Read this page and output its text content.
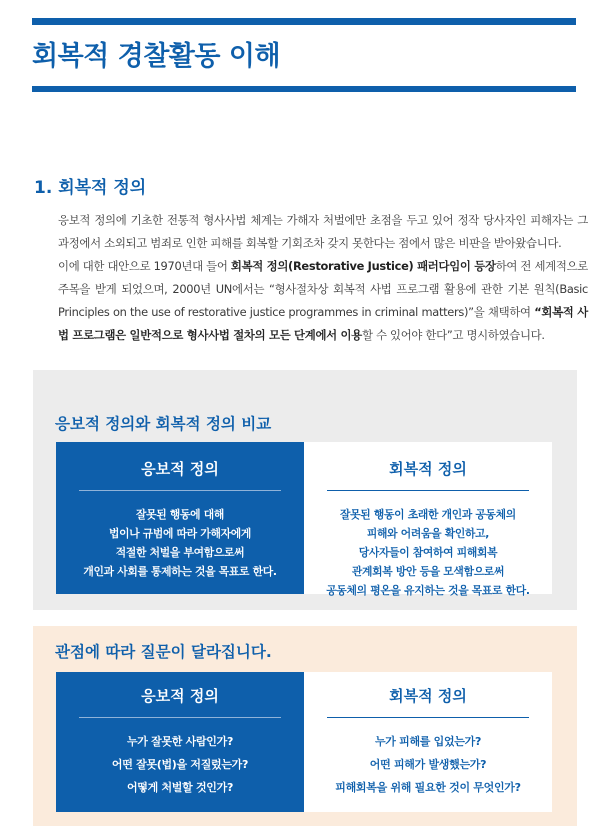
회복적 경찰활동 이해
1. 회복적 정의

응보적 정의에 기초한 전통적 형사사법 체계는 가해자 처벌에만 초점을 두고 있어 정작 당사자인 피해자는 그 과정에서 소외되고 범죄로 인한 피해를 회복할 기회조차 갖지 못한다는 점에서 많은 비판을 받아왔습니다.

이에 대한 대안으로 1970년대 들어 회복적 정의(Restorative Justice) 패러다임이 등장하여 전 세계적으로 주목을 받게 되었으며, 2000년 UN에서는 “형사절차상 회복적 사법 프로그램 활용에 관한 기본 원칙(Basic Principles on the use of restorative justice programmes in criminal matters)”을 채택하여 “회복적 사법 프로그램은 일반적으로 형사사법 절차의 모든 단계에서 이용할 수 있어야 한다”고 명시하였습니다.

응보적 정의와 회복적 정의 비교
응보적 정의
잘못된 행동에 대해
법이나 규범에 따라 가해자에게
적절한 처벌을 부여함으로써
개인과 사회를 통제하는 것을 목표로 한다.
회복적 정의
잘못된 행동이 초래한 개인과 공동체의
피해와 어려움을 확인하고,
당사자들이 참여하여 피해회복
관계회복 방안 등을 모색함으로써
공동체의 평온을 유지하는 것을 목표로 한다.
관점에 따라 질문이 달라집니다.
응보적 정의
누가 잘못한 사람인가?
어떤 잘못(법)을 저질렀는가?
어떻게 처벌할 것인가?
회복적 정의
누가 피해를 입었는가?
어떤 피해가 발생했는가?
피해회복을 위해 필요한 것이 무엇인가?
